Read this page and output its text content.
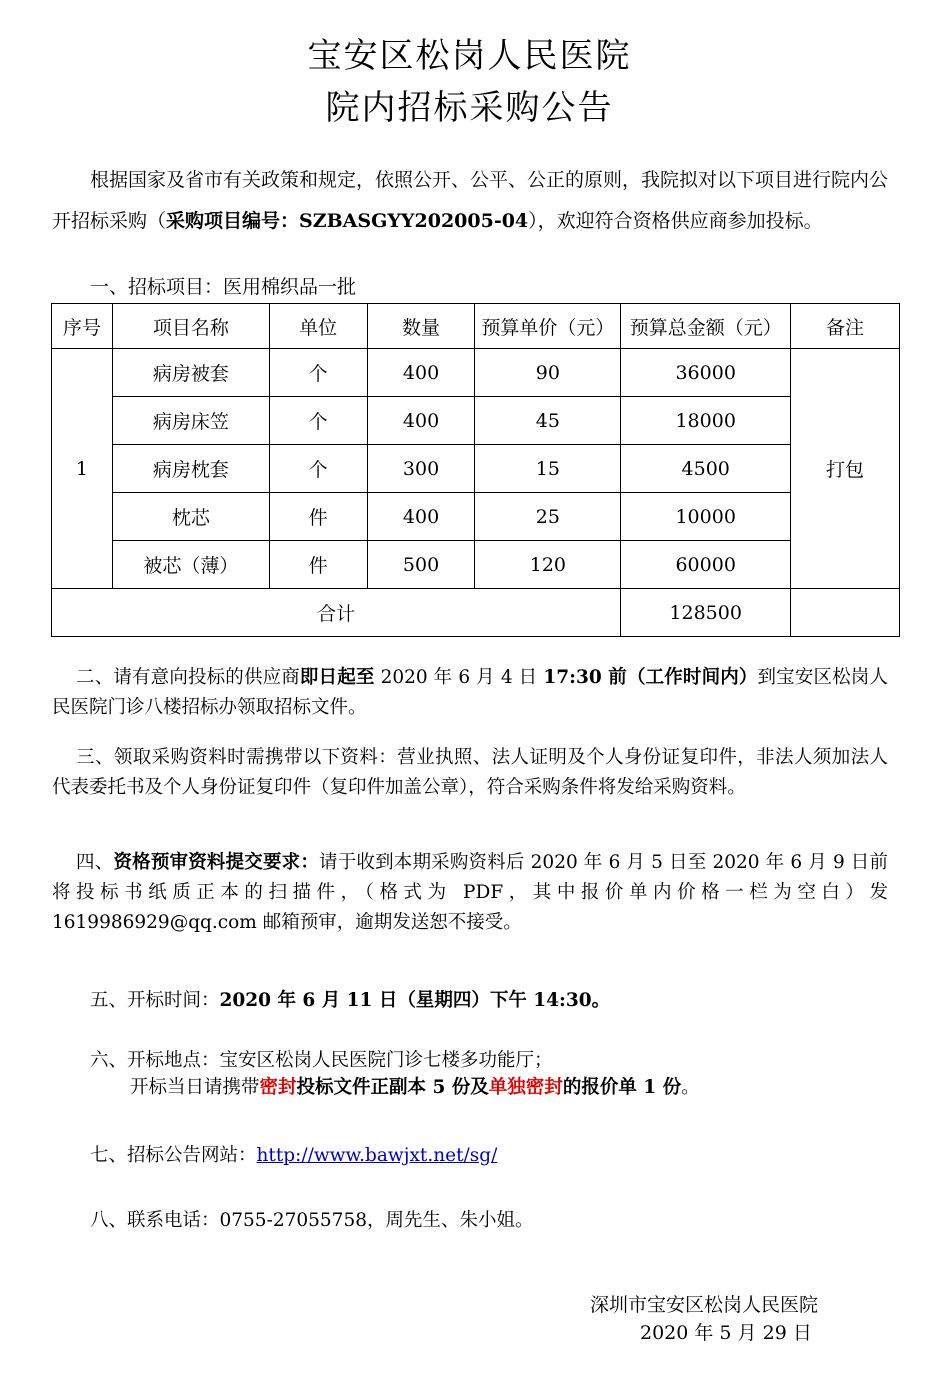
宝安区松岗人民医院
院内招标采购公告

根据国家及省市有关政策和规定，依照公开、公平、公正的原则，我院拟对以下项目进行院内公开招标采购（采购项目编号：SZBASGYY202005-04），欢迎符合资格供应商参加投标。

一、招标项目：医用棉织品一批

序号	项目名称	单位	数量	预算单价（元）	预算总金额（元）	备注
1	病房被套	个	400	90	36000	打包
	病房床笠	个	400	45	18000	
	病房枕套	个	300	15	4500	
	枕芯	件	400	25	10000	
	被芯（薄）	件	500	120	60000	
合计					128500	

二、请有意向投标的供应商即日起至 2020 年 6 月 4 日 17:30 前（工作时间内）到宝安区松岗人民医院门诊八楼招标办领取招标文件。

三、领取采购资料时需携带以下资料：营业执照、法人证明及个人身份证复印件，非法人须加法人代表委托书及个人身份证复印件（复印件加盖公章），符合采购条件将发给采购资料。

四、资格预审资料提交要求：请于收到本期采购资料后 2020 年 6 月 5 日至 2020 年 6 月 9 日前将投标书纸质正本的扫描件，（格式为 PDF，其中报价单内价格一栏为空白）发 1619986929@qq.com 邮箱预审，逾期发送恕不接受。

五、开标时间：2020 年 6 月 11 日（星期四）下午 14:30。

六、开标地点：宝安区松岗人民医院门诊七楼多功能厅；

开标当日请携带密封投标文件正副本 5 份及单独密封的报价单 1 份。

七、招标公告网站：http://www.bawjxt.net/sg/

八、联系电话：0755-27055758，周先生、朱小姐。

深圳市宝安区松岗人民医院
2020 年 5 月 29 日
